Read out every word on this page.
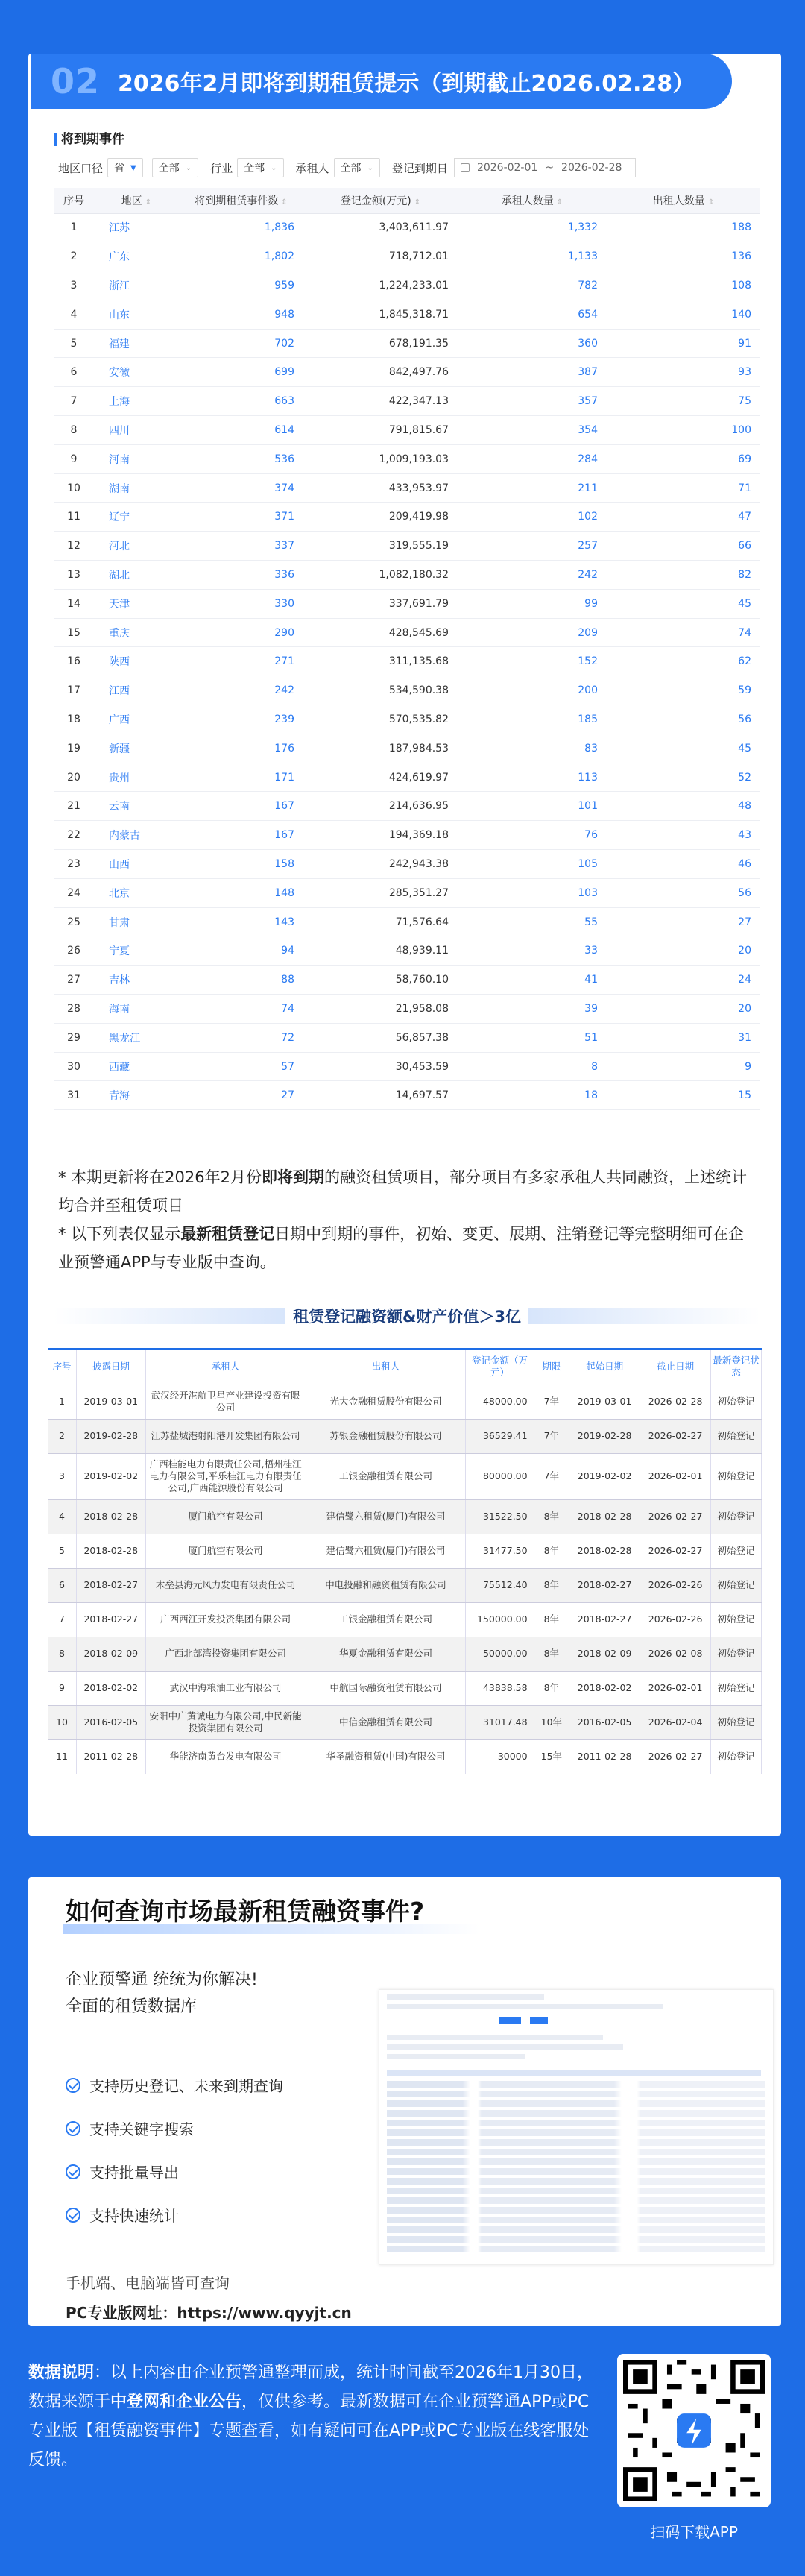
02 2026年2月即将到期租赁提示（到期截止2026.02.28）
将到期事件
地区口径 省 ▼ 全部 ⌄ 行业 全部 ⌄ 承租人 全部 ⌄ 登记到期日	2026-02-01 ~ 2026-02-28
序号	地区 ⇕	将到期租赁事件数 ⇕	登记金额(万元) ⇕	承租人数量 ⇕	出租人数量 ⇕
1	江苏	1,836	3,403,611.97	1,332	188
2	广东	1,802	718,712.01	1,133	136
3	浙江	959	1,224,233.01	782	108
4	山东	948	1,845,318.71	654	140
5	福建	702	678,191.35	360	91
6	安徽	699	842,497.76	387	93
7	上海	663	422,347.13	357	75
8	四川	614	791,815.67	354	100
9	河南	536	1,009,193.03	284	69
10	湖南	374	433,953.97	211	71
11	辽宁	371	209,419.98	102	47
12	河北	337	319,555.19	257	66
13	湖北	336	1,082,180.32	242	82
14	天津	330	337,691.79	99	45
15	重庆	290	428,545.69	209	74
16	陕西	271	311,135.68	152	62
17	江西	242	534,590.38	200	59
18	广西	239	570,535.82	185	56
19	新疆	176	187,984.53	83	45
20	贵州	171	424,619.97	113	52
21	云南	167	214,636.95	101	48
22	内蒙古	167	194,369.18	76	43
23	山西	158	242,943.38	105	46
24	北京	148	285,351.27	103	56
25	甘肃	143	71,576.64	55	27
26	宁夏	94	48,939.11	33	20
27	吉林	88	58,760.10	41	24
28	海南	74	21,958.08	39	20
29	黑龙江	72	56,857.38	51	31
30	西藏	57	30,453.59	8	9
31	青海	27	14,697.57	18	15

* 本期更新将在2026年2月份即将到期的融资租赁项目，部分项目有多家承租人共同融资，上述统计均合并至租赁项目

* 以下列表仅显示最新租赁登记日期中到期的事件，初始、变更、展期、注销登记等完整明细可在企业预警通APP与专业版中查询。

租赁登记融资额&财产价值＞3亿
序号	披露日期	承租人	出租人	登记金额（万元）	期限	起始日期	截止日期	最新登记状态
1	2019-03-01	武汉经开港航卫星产业建设投资有限公司	光大金融租赁股份有限公司	48000.00	7年	2019-03-01	2026-02-28	初始登记
2	2019-02-28	江苏盐城港射阳港开发集团有限公司	苏银金融租赁股份有限公司	36529.41	7年	2019-02-28	2026-02-27	初始登记
3	2019-02-02	广西桂能电力有限责任公司,梧州桂江电力有限公司,平乐桂江电力有限责任公司,广西能源股份有限公司	工银金融租赁有限公司	80000.00	7年	2019-02-02	2026-02-01	初始登记
4	2018-02-28	厦门航空有限公司	建信鹭六租赁(厦门)有限公司	31522.50	8年	2018-02-28	2026-02-27	初始登记
5	2018-02-28	厦门航空有限公司	建信鹭六租赁(厦门)有限公司	31477.50	8年	2018-02-28	2026-02-27	初始登记
6	2018-02-27	木垒县海元风力发电有限责任公司	中电投融和融资租赁有限公司	75512.40	8年	2018-02-27	2026-02-26	初始登记
7	2018-02-27	广西西江开发投资集团有限公司	工银金融租赁有限公司	150000.00	8年	2018-02-27	2026-02-26	初始登记
8	2018-02-09	广西北部湾投资集团有限公司	华夏金融租赁有限公司	50000.00	8年	2018-02-09	2026-02-08	初始登记
9	2018-02-02	武汉中海粮油工业有限公司	中航国际融资租赁有限公司	43838.58	8年	2018-02-02	2026-02-01	初始登记
10	2016-02-05	安阳中广黄诚电力有限公司,中民新能投资集团有限公司	中信金融租赁有限公司	31017.48	10年	2016-02-05	2026-02-04	初始登记
11	2011-02-28	华能济南黄台发电有限公司	华圣融资租赁(中国)有限公司	30000	15年	2011-02-28	2026-02-27	初始登记
如何查询市场最新租赁融资事件?
企业预警通 统统为你解决!
全面的租赁数据库
支持历史登记、未来到期查询
支持关键字搜索
支持批量导出
支持快速统计
手机端、电脑端皆可查询
PC专业版网址：https://www.qyyjt.cn
数据说明：以上内容由企业预警通整理而成，统计时间截至2026年1月30日，数据来源于中登网和企业公告，仅供参考。最新数据可在企业预警通APP或PC专业版【租赁融资事件】专题查看，如有疑问可在APP或PC专业版在线客服处反馈。
扫码下载APP
